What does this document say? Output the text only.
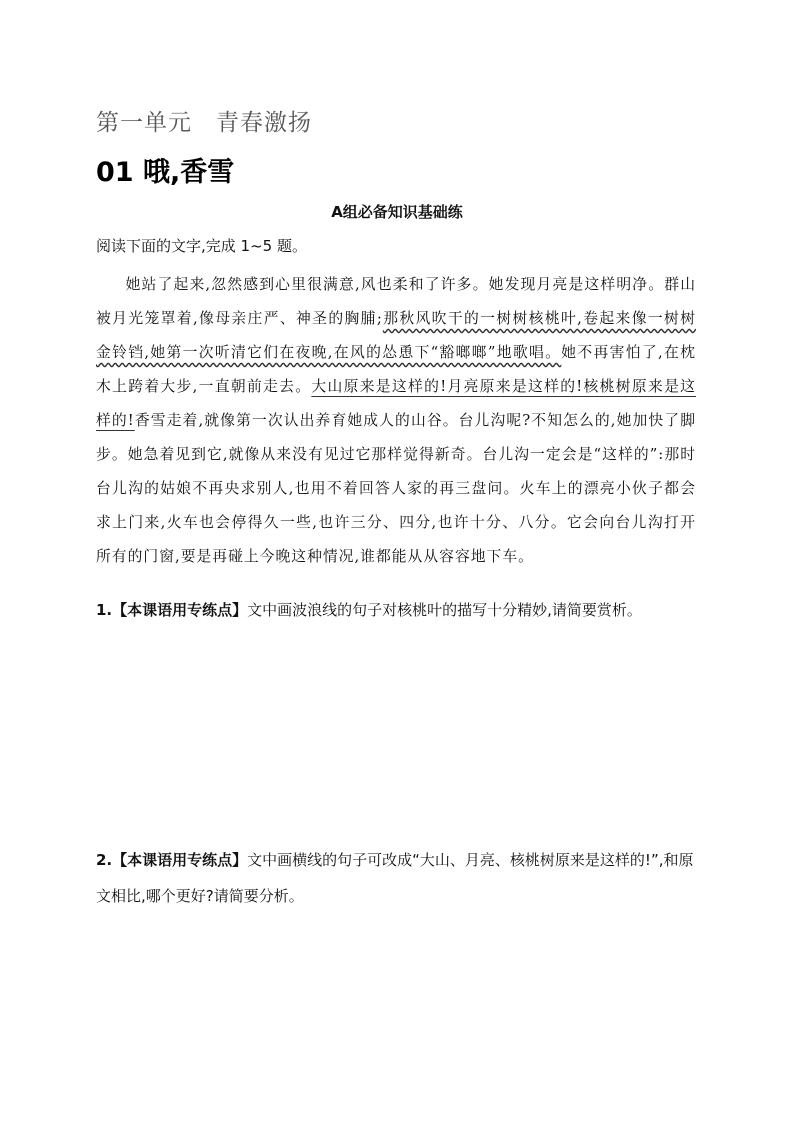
第一单元 青春激扬
01 哦,香雪
A组必备知识基础练
阅读下面的文字,完成 1~5 题。
她站了起来,忽然感到心里很满意,风也柔和了许多。她发现月亮是这样明净。群山被月光笼罩着,像母亲庄严、神圣的胸脯;那秋风吹干的一树树核桃叶,卷起来像一树树金铃铛,她第一次听清它们在夜晚,在风的怂恿下“豁啷啷”地歌唱。她不再害怕了,在枕木上跨着大步,一直朝前走去。大山原来是这样的!月亮原来是这样的!核桃树原来是这样的!香雪走着,就像第一次认出养育她成人的山谷。台儿沟呢?不知怎么的,她加快了脚步。她急着见到它,就像从来没有见过它那样觉得新奇。台儿沟一定会是“这样的”:那时台儿沟的姑娘不再央求别人,也用不着回答人家的再三盘问。火车上的漂亮小伙子都会求上门来,火车也会停得久一些,也许三分、四分,也许十分、八分。它会向台儿沟打开所有的门窗,要是再碰上今晚这种情况,谁都能从从容容地下车。
1.【本课语用专练点】文中画波浪线的句子对核桃叶的描写十分精妙,请简要赏析。
2.【本课语用专练点】文中画横线的句子可改成“大山、月亮、核桃树原来是这样的!”,和原文相比,哪个更好?请简要分析。
